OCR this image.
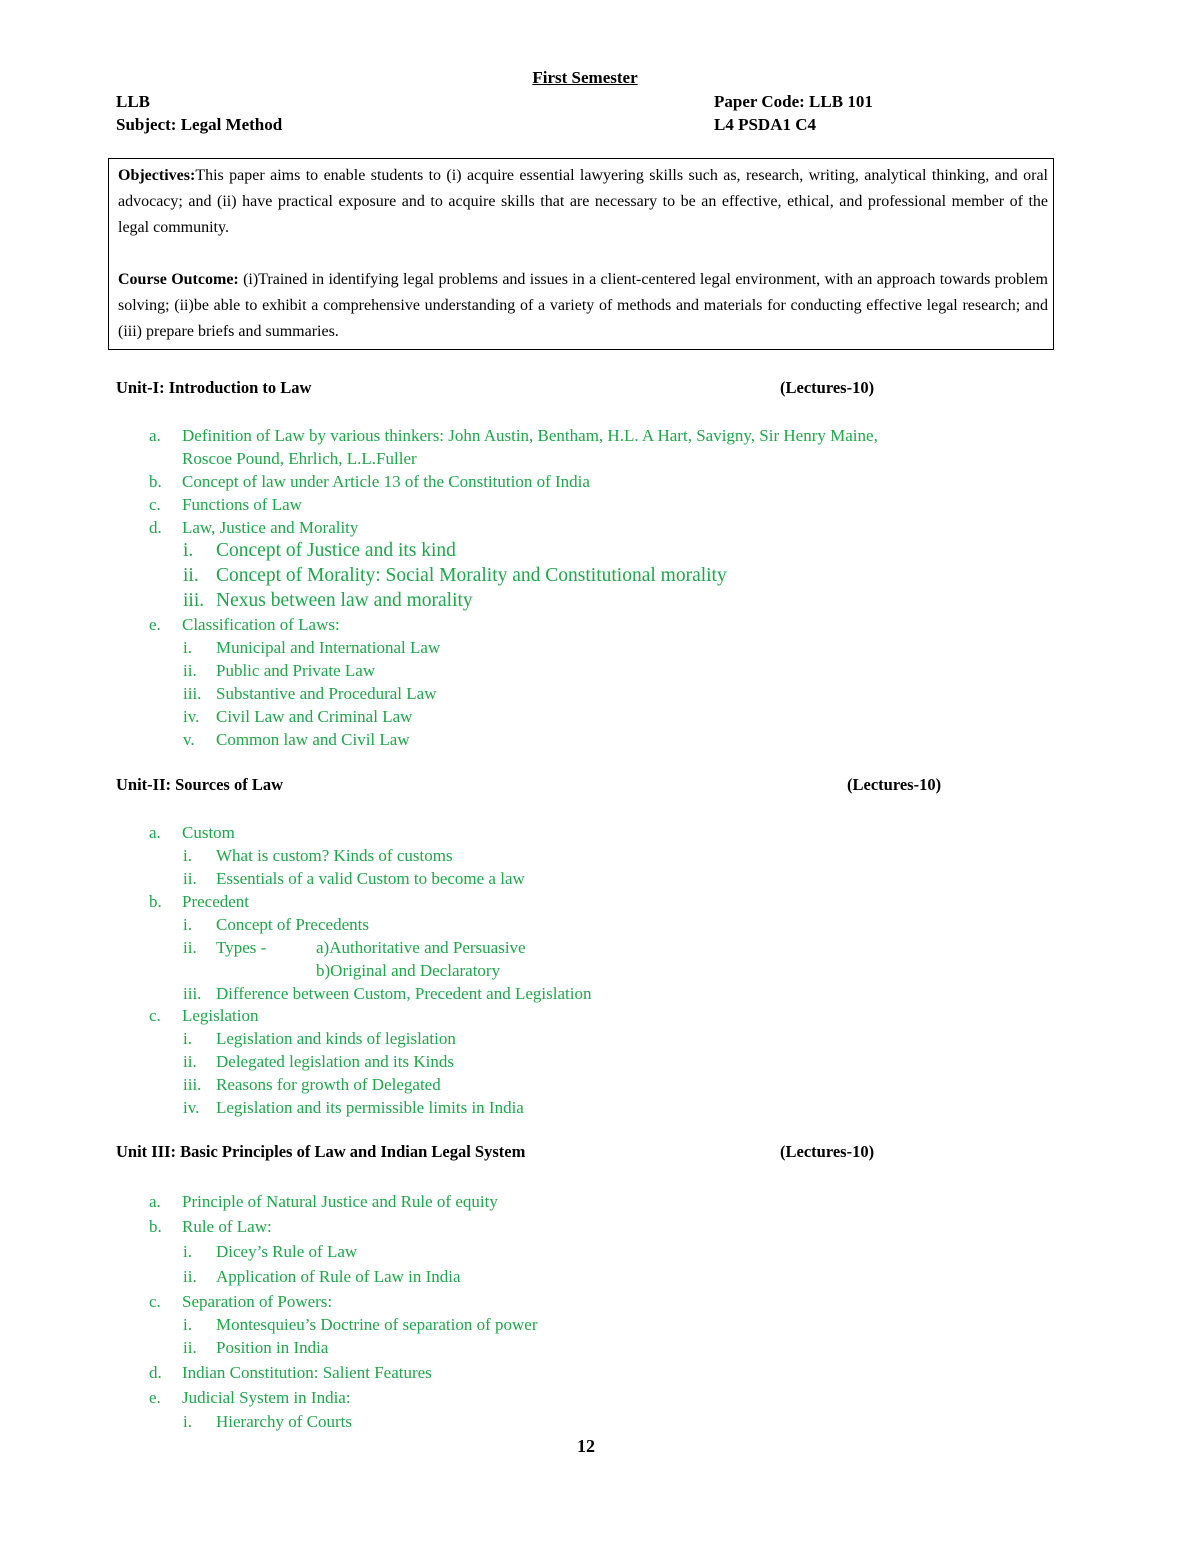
First Semester
LLB	Paper Code: LLB 101
Subject: Legal Method	L4 PSDA1 C4

Objectives:This paper aims to enable students to (i) acquire essential lawyering skills such as, research, writing, analytical thinking, and oral advocacy; and (ii) have practical exposure and to acquire skills that are necessary to be an effective, ethical, and professional member of the legal community.

Course Outcome: (i)Trained in identifying legal problems and issues in a client-centered legal environment, with an approach towards problem solving; (ii)be able to exhibit a comprehensive understanding of a variety of methods and materials for conducting effective legal research; and (iii) prepare briefs and summaries.

Unit-I: Introduction to Law	(Lectures-10)
a. Definition of Law by various thinkers: John Austin, Bentham, H.L. A Hart, Savigny, Sir Henry Maine,
Roscoe Pound, Ehrlich, L.L.Fuller
b. Concept of law under Article 13 of the Constitution of India
c. Functions of Law
d. Law, Justice and Morality
i. Concept of Justice and its kind
ii. Concept of Morality: Social Morality and Constitutional morality
iii. Nexus between law and morality
e. Classification of Laws:
i. Municipal and International Law
ii. Public and Private Law
iii. Substantive and Procedural Law
iv. Civil Law and Criminal Law
v. Common law and Civil Law
Unit-II: Sources of Law	(Lectures-10)
a. Custom
i. What is custom? Kinds of customs
ii. Essentials of a valid Custom to become a law
b. Precedent
i. Concept of Precedents
ii. Types -	a)Authoritative and Persuasive
b)Original and Declaratory
iii. Difference between Custom, Precedent and Legislation
c. Legislation
i. Legislation and kinds of legislation
ii. Delegated legislation and its Kinds
iii. Reasons for growth of Delegated
iv. Legislation and its permissible limits in India
Unit III: Basic Principles of Law and Indian Legal System	(Lectures-10)
a. Principle of Natural Justice and Rule of equity
b. Rule of Law:
i. Dicey’s Rule of Law
ii. Application of Rule of Law in India
c. Separation of Powers:
i. Montesquieu’s Doctrine of separation of power
ii. Position in India
d. Indian Constitution: Salient Features
e. Judicial System in India:
i. Hierarchy of Courts
12
